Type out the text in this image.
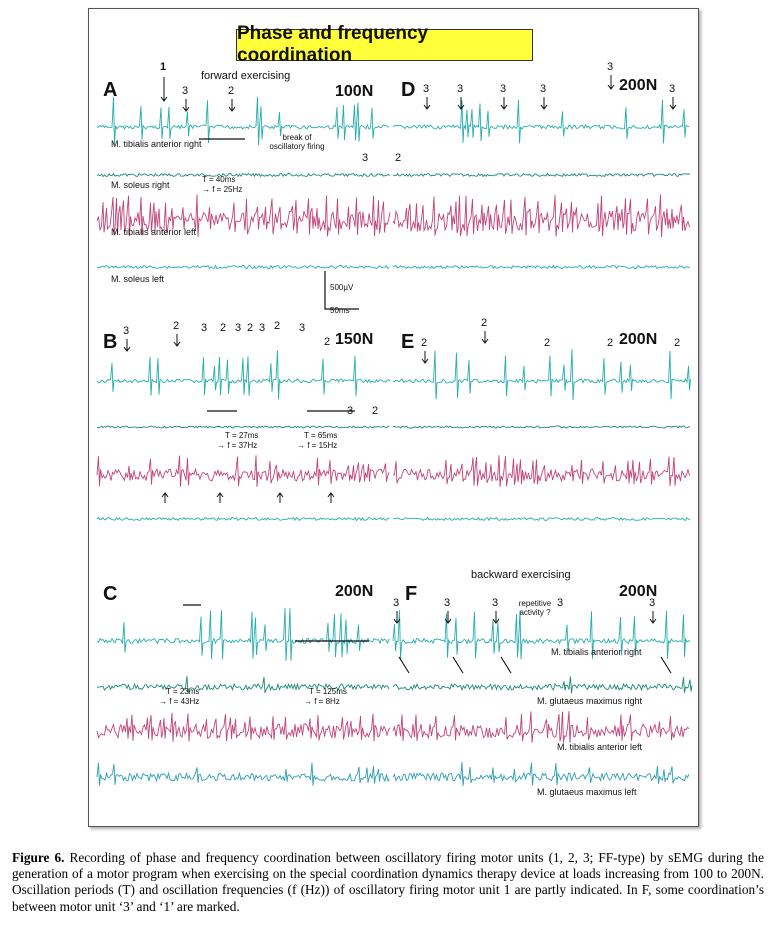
Phase and frequency coordination
A
forward exercising
100N
1
3	2
3
M. tibialis anterior right
M. soleus right
M. tibialis anterior left
M. soleus left
T = 40ms
→ f = 25Hz
break of oscillatory firing
500µV
50ms
D	200N
3	3	3	3
3
3
2
B	150N
3	2 3 2 3 2 3 2 3
2
3 2
T = 27ms
→ f = 37Hz
T = 65ms
→ f = 15Hz
E	200N
2
2
2	2	2
C	200N
T = 23ms
→ f = 43Hz
T = 125ms
→ f = 8Hz
F
backward exercising
200N
3	3	3	3	3
repetitive activity ?
M. tibialis anterior right
M. glutaeus maximus right
M. tibialis anterior left
M. glutaeus maximus left
Figure 6. Recording of phase and frequency coordination between oscillatory firing motor units (1, 2, 3; FF-type) by sEMG during the generation of a motor program when exercising on the special coordination dynamics therapy device at loads increasing from 100 to 200N. Oscillation periods (T) and oscillation frequencies (f (Hz)) of oscillatory firing motor unit 1 are partly indicated. In F, some coordination’s between motor unit ‘3’ and ‘1’ are marked.
